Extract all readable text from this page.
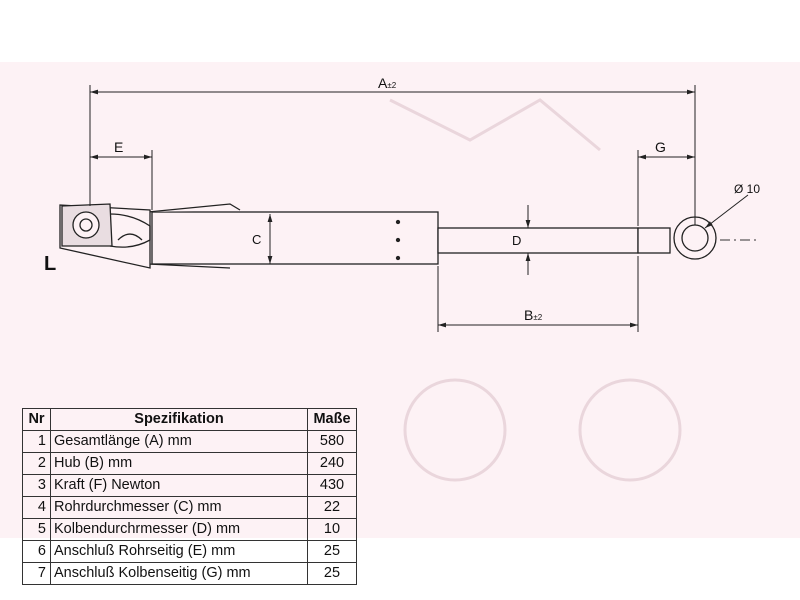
L
A±2
B±2
C	D
E	G
Ø 10
Nr	Spezifikation	Maße
1	Gesamtlänge (A) mm	580
2	Hub (B) mm	240
3	Kraft (F) Newton	430
4	Rohrdurchmesser (C) mm	22
5	Kolbendurchrmesser (D) mm	10
6	Anschluß Rohrseitig (E) mm	25
7	Anschluß Kolbenseitig (G) mm	25
